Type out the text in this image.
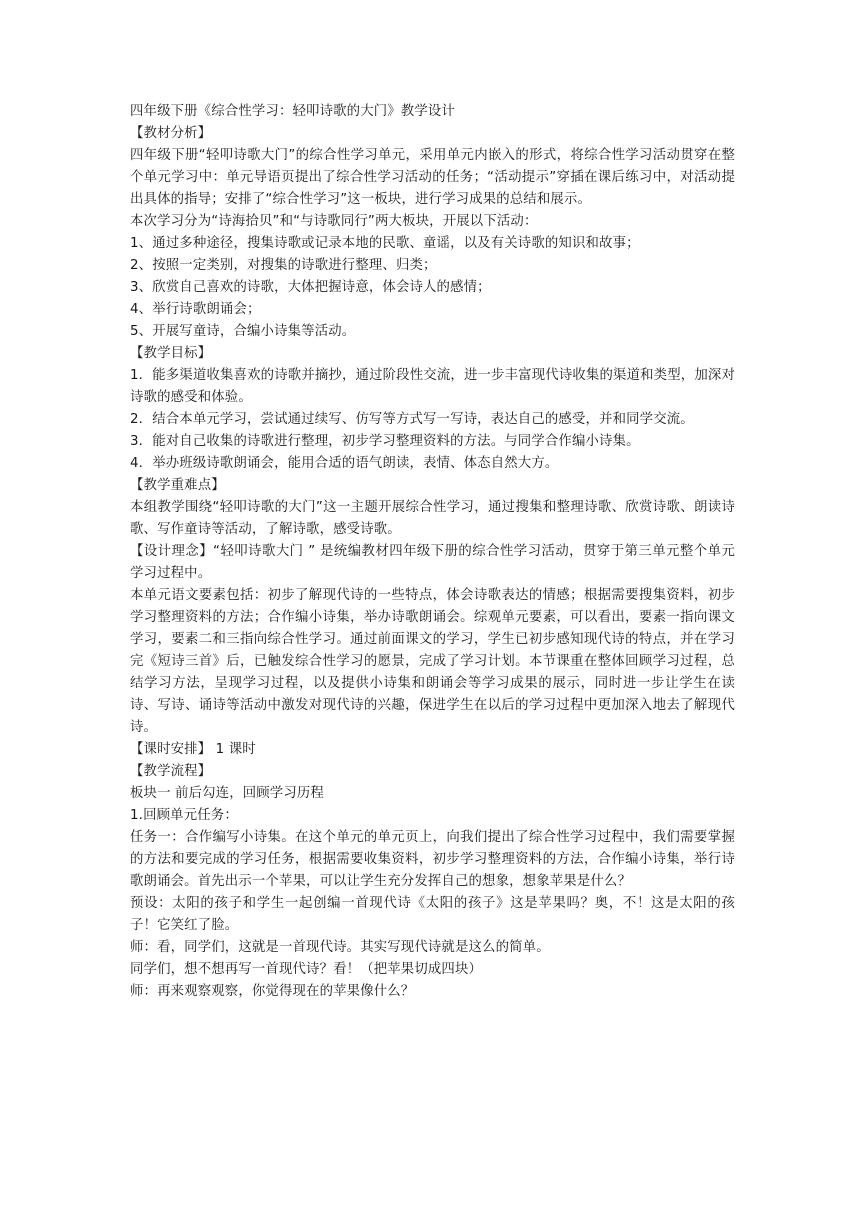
四年级下册《综合性学习：轻叩诗歌的大门》教学设计

【教材分析】

四年级下册“轻叩诗歌大门”的综合性学习单元，采用单元内嵌入的形式，将综合性学习活动贯穿在整个单元学习中：单元导语页提出了综合性学习活动的任务；“活动提示”穿插在课后练习中，对活动提出具体的指导；安排了“综合性学习”这一板块，进行学习成果的总结和展示。

本次学习分为“诗海拾贝”和“与诗歌同行”两大板块，开展以下活动：

1、通过多种途径，搜集诗歌或记录本地的民歌、童谣，以及有关诗歌的知识和故事；

2、按照一定类别，对搜集的诗歌进行整理、归类；

3、欣赏自己喜欢的诗歌，大体把握诗意，体会诗人的感情；

4、举行诗歌朗诵会；

5、开展写童诗，合编小诗集等活动。

【教学目标】

1．能多渠道收集喜欢的诗歌并摘抄，通过阶段性交流，进一步丰富现代诗收集的渠道和类型，加深对诗歌的感受和体验。

2．结合本单元学习，尝试通过续写、仿写等方式写一写诗，表达自己的感受，并和同学交流。

3．能对自己收集的诗歌进行整理，初步学习整理资料的方法。与同学合作编小诗集。

4．举办班级诗歌朗诵会，能用合适的语气朗读，表情、体态自然大方。

【教学重难点】

本组教学围绕“轻叩诗歌的大门”这一主题开展综合性学习，通过搜集和整理诗歌、欣赏诗歌、朗读诗歌、写作童诗等活动，了解诗歌，感受诗歌。

【设计理念】“轻叩诗歌大门 ” 是统编教材四年级下册的综合性学习活动，贯穿于第三单元整个单元学习过程中。

本单元语文要素包括：初步了解现代诗的一些特点，体会诗歌表达的情感；根据需要搜集资料，初步学习整理资料的方法；合作编小诗集，举办诗歌朗诵会。综观单元要素，可以看出，要素一指向课文学习，要素二和三指向综合性学习。通过前面课文的学习，学生已初步感知现代诗的特点，并在学习完《短诗三首》后，已触发综合性学习的愿景，完成了学习计划。本节课重在整体回顾学习过程，总结学习方法，呈现学习过程，以及提供小诗集和朗诵会等学习成果的展示，同时进一步让学生在读诗、写诗、诵诗等活动中激发对现代诗的兴趣，保进学生在以后的学习过程中更加深入地去了解现代诗。

【课时安排】 1 课时

【教学流程】

板块一 前后勾连，回顾学习历程

1.回顾单元任务：

任务一：合作编写小诗集。在这个单元的单元页上，向我们提出了综合性学习过程中，我们需要掌握的方法和要完成的学习任务，根据需要收集资料，初步学习整理资料的方法，合作编小诗集，举行诗歌朗诵会。首先出示一个苹果，可以让学生充分发挥自己的想象，想象苹果是什么？

预设：太阳的孩子和学生一起创编一首现代诗《太阳的孩子》这是苹果吗？奥，不！这是太阳的孩子！它笑红了脸。

师：看，同学们，这就是一首现代诗。其实写现代诗就是这么的简单。

同学们，想不想再写一首现代诗？看！（把苹果切成四块）

师：再来观察观察，你觉得现在的苹果像什么？
